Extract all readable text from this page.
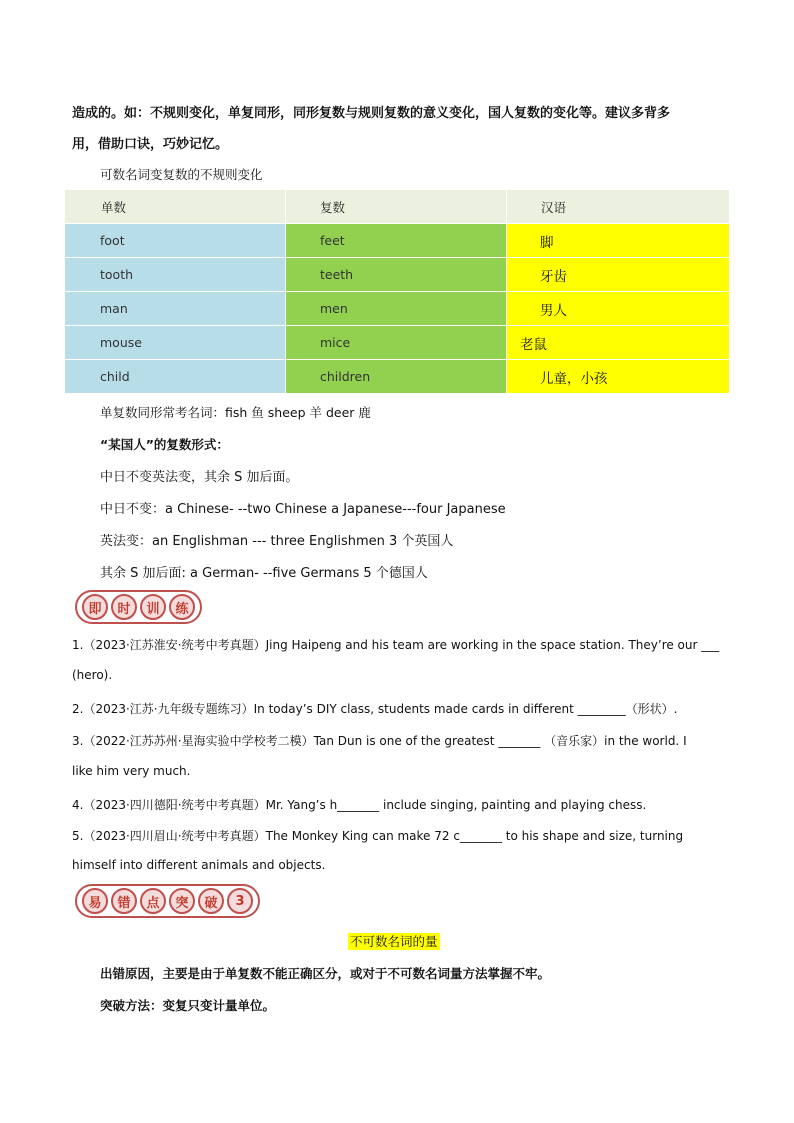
造成的。如：不规则变化，单复同形，同形复数与规则复数的意义变化，国人复数的变化等。建议多背多
用，借助口诀，巧妙记忆。
可数名词变复数的不规则变化
单数	复数	汉语
foot	feet	脚
tooth	teeth	牙齿
man	men	男人
mouse	mice	老鼠
child	children	儿童，小孩
单复数同形常考名词：fish 鱼 sheep 羊 deer 鹿
“某国人”的复数形式：
中日不变英法变，其余 S 加后面。
中日不变：a Chinese- --two Chinese a Japanese---four Japanese
英法变：an Englishman --- three Englishmen 3 个英国人
其余 S 加后面: a German- --five Germans 5 个德国人
即	时	训	练
1.（2023·江苏淮安·统考中考真题）Jing Haipeng and his team are working in the space station. They’re our ___
(hero).
2.（2023·江苏·九年级专题练习）In today’s DIY class, students made cards in different ________（形状）.
3.（2022·江苏苏州·星海实验中学校考二模）Tan Dun is one of the greatest _______ （音乐家）in the world. I
like him very much.
4.（2023·四川德阳·统考中考真题）Mr. Yang’s h_______ include singing, painting and playing chess.
5.（2023·四川眉山·统考中考真题）The Monkey King can make 72 c_______ to his shape and size, turning
himself into different animals and objects.
易	错	点	突	破	3
不可数名词的量
出错原因，主要是由于单复数不能正确区分，或对于不可数名词量方法掌握不牢。
突破方法：变复只变计量单位。
